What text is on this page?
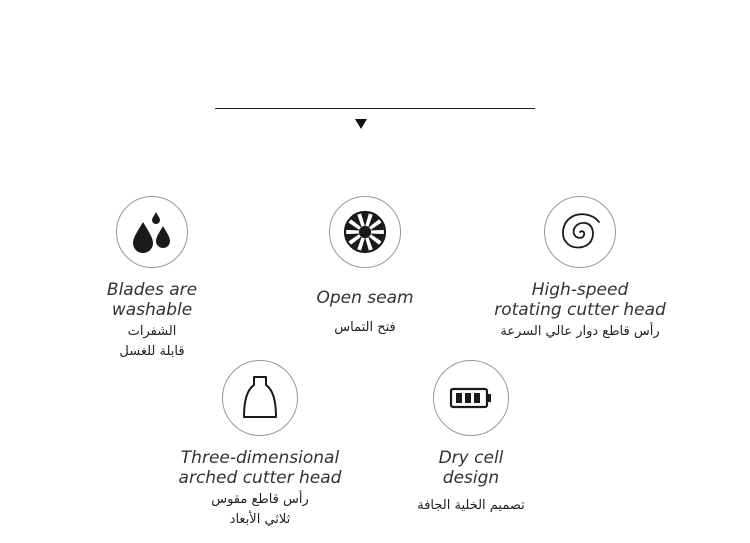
Blades are
washable
الشفرات
قابلة للغسل
Open seam
فتح التماس
High-speed
rotating cutter head
رأس قاطع دوار عالي السرعة
Three-dimensional
arched cutter head
رأس قاطع مقوس
ثلاثي الأبعاد
Dry cell
design
تصميم الخلية الجافة
